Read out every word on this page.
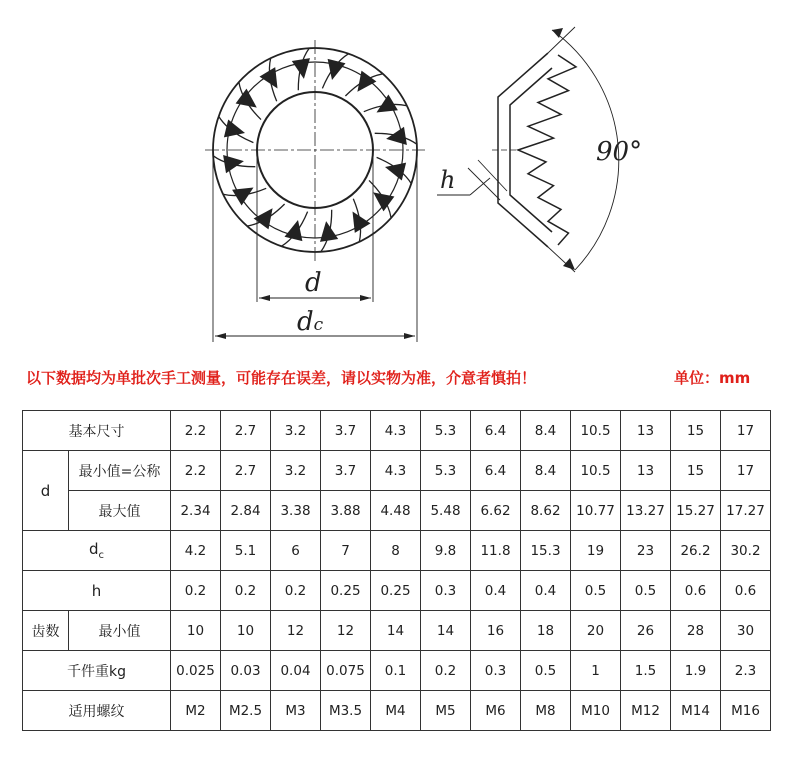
d
dc
h
90°
以下数据均为单批次手工测量，可能存在误差，请以实物为准，介意者慎拍！	单位：mm
基本尺寸		2.2	2.7	3.2	3.7	4.3	5.3	6.4	8.4	10.5	13	15	17
d	最小值=公称	2.2	2.7	3.2	3.7	4.3	5.3	6.4	8.4	10.5	13	15	17
	最大值	2.34	2.84	3.38	3.88	4.48	5.48	6.62	8.62	10.77	13.27	15.27	17.27
$d_c$		4.2	5.1	6	7	8	9.8	11.8	15.3	19	23	26.2	30.2
h		0.2	0.2	0.2	0.25	0.25	0.3	0.4	0.4	0.5	0.5	0.6	0.6
齿数	最小值	10	10	12	12	14	14	16	18	20	26	28	30
千件重kg		0.025	0.03	0.04	0.075	0.1	0.2	0.3	0.5	1	1.5	1.9	2.3
适用螺纹		M2	M2.5	M3	M3.5	M4	M5	M6	M8	M10	M12	M14	M16
